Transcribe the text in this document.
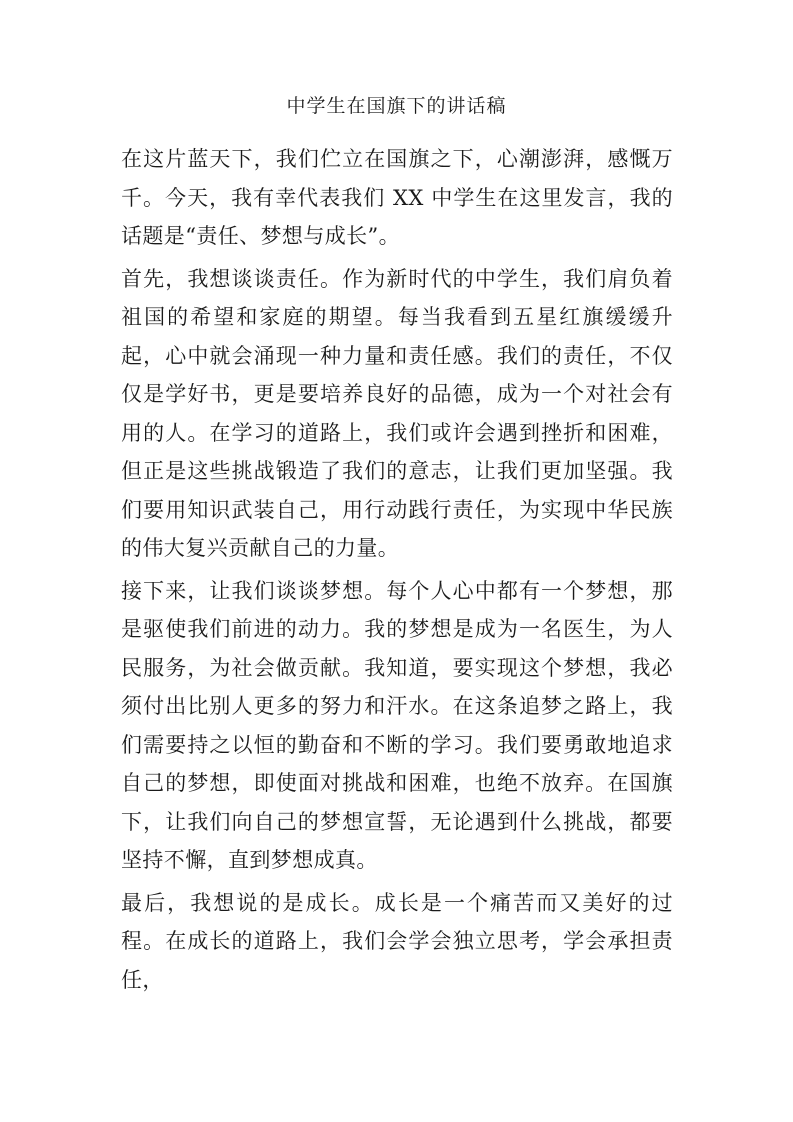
中学生在国旗下的讲话稿

在这片蓝天下，我们伫立在国旗之下，心潮澎湃，感慨万千。今天，我有幸代表我们 XX 中学生在这里发言，我的话题是“责任、梦想与成长”。

首先，我想谈谈责任。作为新时代的中学生，我们肩负着祖国的希望和家庭的期望。每当我看到五星红旗缓缓升起，心中就会涌现一种力量和责任感。我们的责任，不仅仅是学好书，更是要培养良好的品德，成为一个对社会有用的人。在学习的道路上，我们或许会遇到挫折和困难，但正是这些挑战锻造了我们的意志，让我们更加坚强。我们要用知识武装自己，用行动践行责任，为实现中华民族的伟大复兴贡献自己的力量。

接下来，让我们谈谈梦想。每个人心中都有一个梦想，那是驱使我们前进的动力。我的梦想是成为一名医生，为人民服务，为社会做贡献。我知道，要实现这个梦想，我必须付出比别人更多的努力和汗水。在这条追梦之路上，我们需要持之以恒的勤奋和不断的学习。我们要勇敢地追求自己的梦想，即使面对挑战和困难，也绝不放弃。在国旗下，让我们向自己的梦想宣誓，无论遇到什么挑战，都要坚持不懈，直到梦想成真。

最后，我想说的是成长。成长是一个痛苦而又美好的过程。在成长的道路上，我们会学会独立思考，学会承担责任，
